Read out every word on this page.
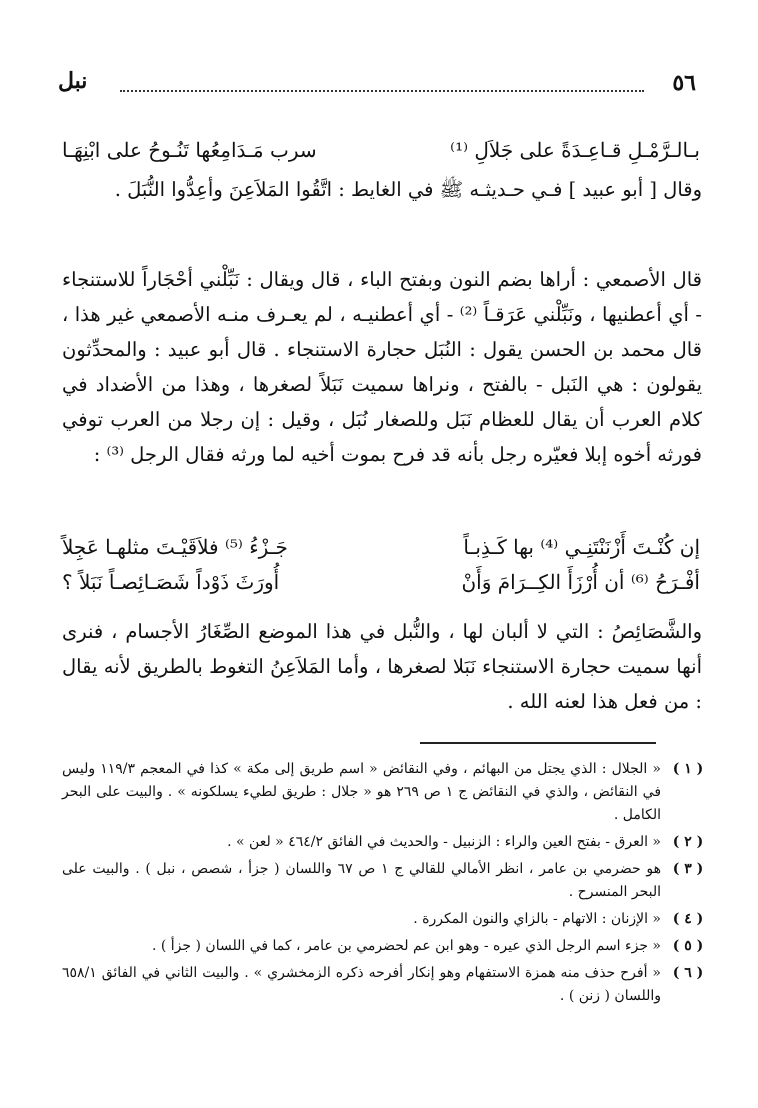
٥٦
نبل
بـالـرَّمْـلِ قـاعِـدَةً على جَلاَلِ ⁽¹⁾
سرب مَـدَامِعُها تَنُـوحُ على ابْنِهَـا

وقال [ أبو عبيد ] فـي حـديثـه ﷺ في الغايط : اتَّقُوا المَلاَعِنَ وأعِدُّوا النُّبَلَ .

قال الأصمعي : أراها بضم النون وبفتح الباء ، قال ويقال : نَبِّلْني أحْجَاراً للاستنجاء - أي أعطنيها ، ونَبِّلْني عَرَقـاً ⁽²⁾ - أي أعطنيـه ، لم يعـرف منـه الأصمعي غير هذا ، قال محمد بن الحسن يقول : النُبَل حجارة الاستنجاء . قال أبو عبيد : والمحدِّثون يقولون : هي النَبل - بالفتح ، ونراها سميت نَبَلاً لصغرها ، وهذا من الأضداد في كلام العرب أن يقال للعظام نَبَل وللصغار نُبَل ، وقيل : إن رجلا من العرب توفي فورثه أخوه إبلا فعيّره رجل بأنه قد فرح بموت أخيه لما ورثه فقال الرجل ⁽³⁾ :

إن كُنْـتَ أَزْنَنْتَنِـي ⁽⁴⁾ بها كَـذِبـاً
جَـزْءُ ⁽⁵⁾ فلاَقَيْـتَ مثلهـا عَجِلاً
أفْـرَحُ ⁽⁶⁾ أن أُرْزَأَ الكِــرَامَ وَأَنْ
أُورَثَ ذَوْداً شَصَـائِصـاً نَبَلاً ؟

والشَّصَائِصُ : التي لا ألبان لها ، والنُّبل في هذا الموضع الصِّغَارُ الأجسام ، فنرى أنها سميت حجارة الاستنجاء نَبَلا لصغرها ، وأما المَلاَعِنُ التغوط بالطريق لأنه يقال : من فعل هذا لعنه الله .

( ١ )
« الجلال : الذي يجتل من البهائم ، وفي النقائض « اسم طريق إلى مكة » كذا في المعجم ١١٩/٣ وليس في النقائض ، والذي في النقائض ج ١ ص ٢٦٩ هو « جلال : طريق لطيء يسلكونه » . والبيت على البحر الكامل .
( ٢ )
« العرق - بفتح العين والراء : الزنبيل - والحديث في الفائق ٤٦٤/٢ « لعن » .
( ٣ )
هو حضرمي بن عامر ، انظر الأمالي للقالي ج ١ ص ٦٧ واللسان ( جزأ ، شصص ، نبل ) . والبيت على البحر المنسرح .
( ٤ )
« الإزنان : الاتهام - بالزاي والنون المكررة .
( ٥ )
« جزء اسم الرجل الذي عيره - وهو ابن عم لحضرمي بن عامر ، كما في اللسان ( جزأ ) .
( ٦ )
« أفرح حذف منه همزة الاستفهام وهو إنكار أفرحه ذكره الزمخشري » . والبيت الثاني في الفائق ٦٥٨/١ واللسان ( زنن ) .
